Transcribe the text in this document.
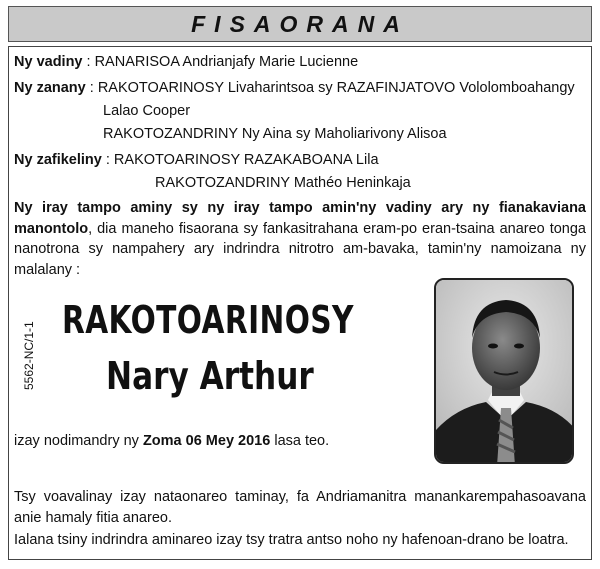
FISAORANA
Ny vadiny : RANARISOA Andrianjafy Marie Lucienne
Ny zanany : RAKOTOARINOSY Livaharintsoa sy RAZAFINJATOVO Vololomboahangy
Lalao Cooper
RAKOTOZANDRINY Ny Aina sy Maholiarivony Alisoa
Ny zafikeliny : RAKOTOARINOSY RAZAKABOANA Lila
RAKOTOZANDRINY Mathéo Heninkaja
Ny iray tampo aminy sy ny iray tampo amin'ny vadiny ary ny fianakaviana manontolo, dia maneho fisaorana sy fankasitrahana eram-po eran-tsaina anareo tonga nanotrona sy nampahery ary indrindra nitrotro am-bavaka, tamin'ny namoizana ny malalany :
RAKOTOARINOSY
Nary Arthur
5562-NC/1-1
izay nodimandry ny Zoma 06 Mey 2016 lasa teo.
Tsy voavalinay izay nataonareo taminay, fa Andriamanitra manankarempahasoavana anie hamaly fitia anareo.
Ialana tsiny indrindra aminareo izay tsy tratra antso noho ny hafenoan-drano be loatra.
